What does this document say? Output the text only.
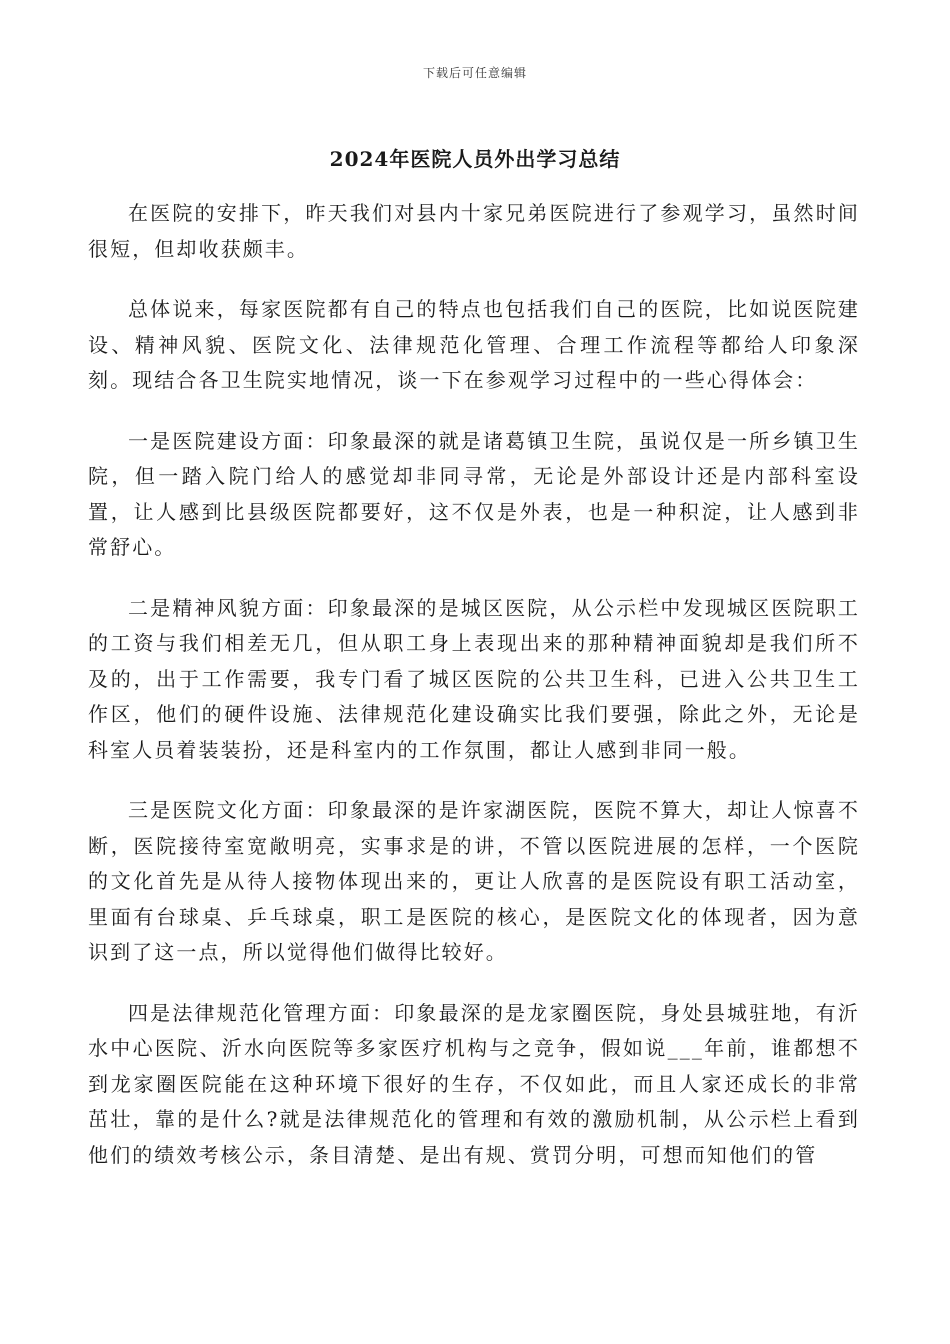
下载后可任意编辑
2024年医院人员外出学习总结

在医院的安排下，昨天我们对县内十家兄弟医院进行了参观学习，虽然时间很短，但却收获颇丰。

总体说来，每家医院都有自己的特点也包括我们自己的医院，比如说医院建设、精神风貌、医院文化、法律规范化管理、合理工作流程等都给人印象深刻。现结合各卫生院实地情况，谈一下在参观学习过程中的一些心得体会：

一是医院建设方面：印象最深的就是诸葛镇卫生院，虽说仅是一所乡镇卫生院，但一踏入院门给人的感觉却非同寻常，无论是外部设计还是内部科室设置，让人感到比县级医院都要好，这不仅是外表，也是一种积淀，让人感到非常舒心。

二是精神风貌方面：印象最深的是城区医院，从公示栏中发现城区医院职工的工资与我们相差无几，但从职工身上表现出来的那种精神面貌却是我们所不及的，出于工作需要，我专门看了城区医院的公共卫生科，已进入公共卫生工作区，他们的硬件设施、法律规范化建设确实比我们要强，除此之外，无论是科室人员着装装扮，还是科室内的工作氛围，都让人感到非同一般。

三是医院文化方面：印象最深的是许家湖医院，医院不算大，却让人惊喜不断，医院接待室宽敞明亮，实事求是的讲，不管以医院进展的怎样，一个医院的文化首先是从待人接物体现出来的，更让人欣喜的是医院设有职工活动室，里面有台球桌、乒乓球桌，职工是医院的核心，是医院文化的体现者，因为意识到了这一点，所以觉得他们做得比较好。

四是法律规范化管理方面：印象最深的是龙家圈医院，身处县城驻地，有沂水中心医院、沂水向医院等多家医疗机构与之竞争，假如说___年前，谁都想不到龙家圈医院能在这种环境下很好的生存，不仅如此，而且人家还成长的非常茁壮，靠的是什么?就是法律规范化的管理和有效的激励机制，从公示栏上看到他们的绩效考核公示，条目清楚、是出有规、赏罚分明，可想而知他们的管
